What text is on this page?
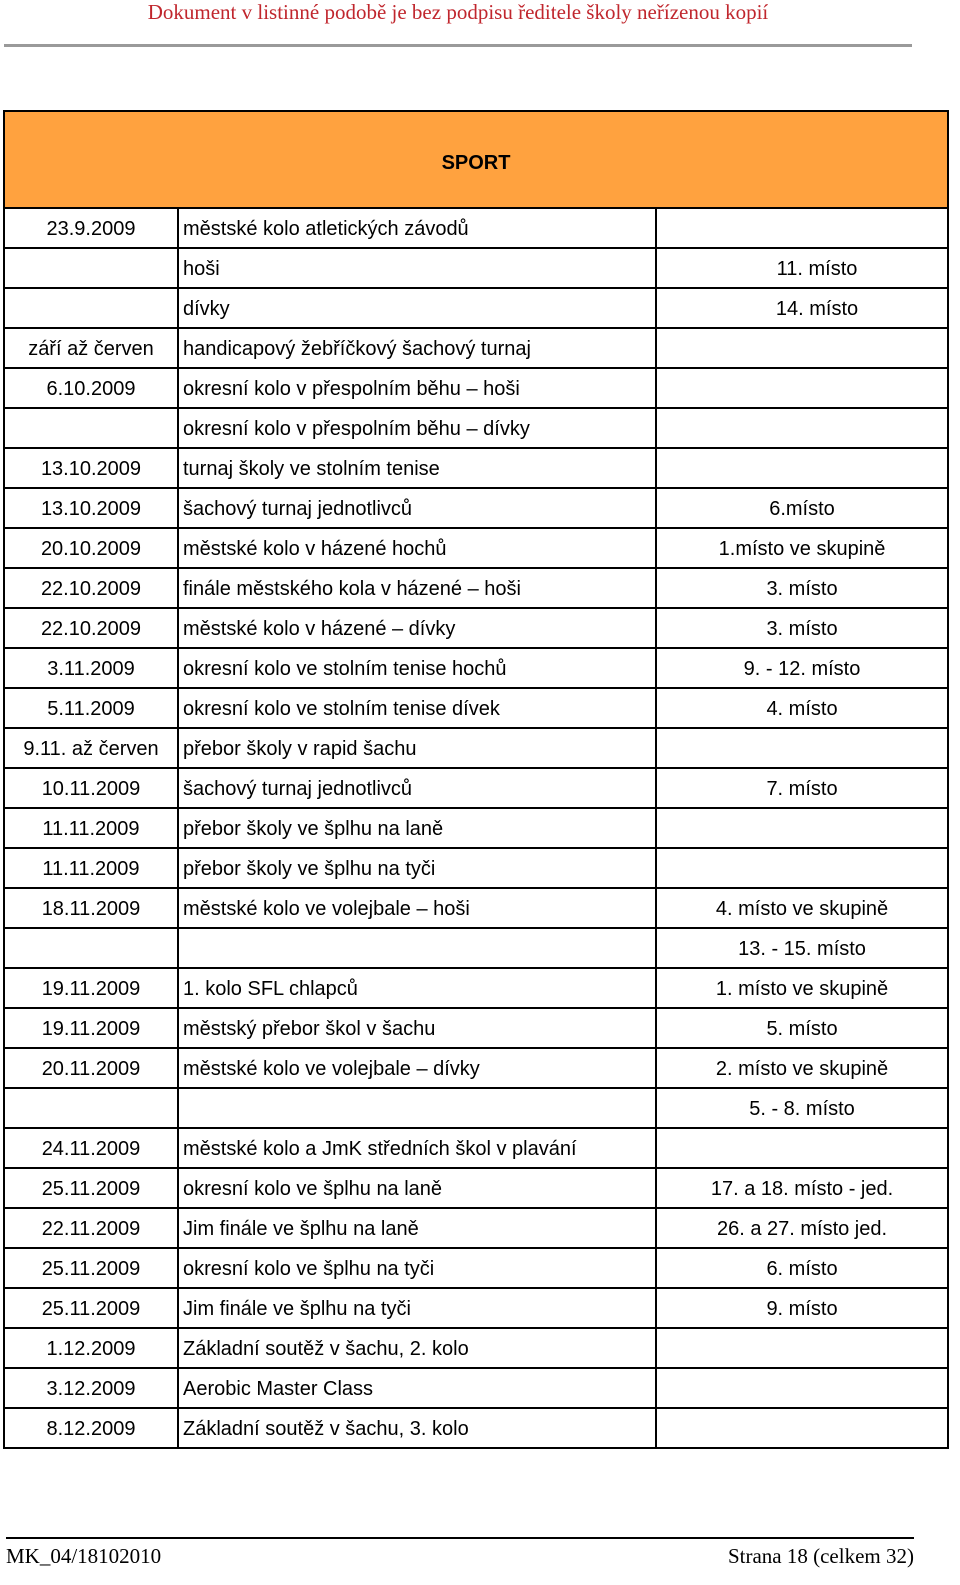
Dokument v listinné podobě je bez podpisu ředitele školy neřízenou kopií
SPORT		
23.9.2009	městské kolo atletických závodů	
	hoši	11. místo
	dívky	14. místo
září až červen	handicapový žebříčkový šachový turnaj	
6.10.2009	okresní kolo v přespolním běhu – hoši	
	okresní kolo v přespolním běhu – dívky	
13.10.2009	turnaj školy ve stolním tenise	
13.10.2009	šachový turnaj jednotlivců	6.místo
20.10.2009	městské kolo v házené hochů	1.místo ve skupině
22.10.2009	finále městského kola v házené – hoši	3. místo
22.10.2009	městské kolo v házené – dívky	3. místo
3.11.2009	okresní kolo ve stolním tenise hochů	9. - 12. místo
5.11.2009	okresní kolo ve stolním tenise dívek	4. místo
9.11. až červen	přebor školy v rapid šachu	
10.11.2009	šachový turnaj jednotlivců	7. místo
11.11.2009	přebor školy ve šplhu na laně	
11.11.2009	přebor školy ve šplhu na tyči	
18.11.2009	městské kolo ve volejbale – hoši	4. místo ve skupině
		13. - 15. místo
19.11.2009	1. kolo SFL chlapců	1. místo ve skupině
19.11.2009	městský přebor škol v šachu	5. místo
20.11.2009	městské kolo ve volejbale – dívky	2. místo ve skupině
		5. - 8. místo
24.11.2009	městské kolo a JmK středních škol v plavání	
25.11.2009	okresní kolo ve šplhu na laně	17. a 18. místo - jed.
22.11.2009	Jim finále ve šplhu na laně	26. a 27. místo jed.
25.11.2009	okresní kolo ve šplhu na tyči	6. místo
25.11.2009	Jim finále ve šplhu na tyči	9. místo
1.12.2009	Základní soutěž v šachu, 2. kolo	
3.12.2009	Aerobic Master Class	
8.12.2009	Základní soutěž v šachu, 3. kolo	
MK_04/18102010	Strana 18 (celkem 32)
